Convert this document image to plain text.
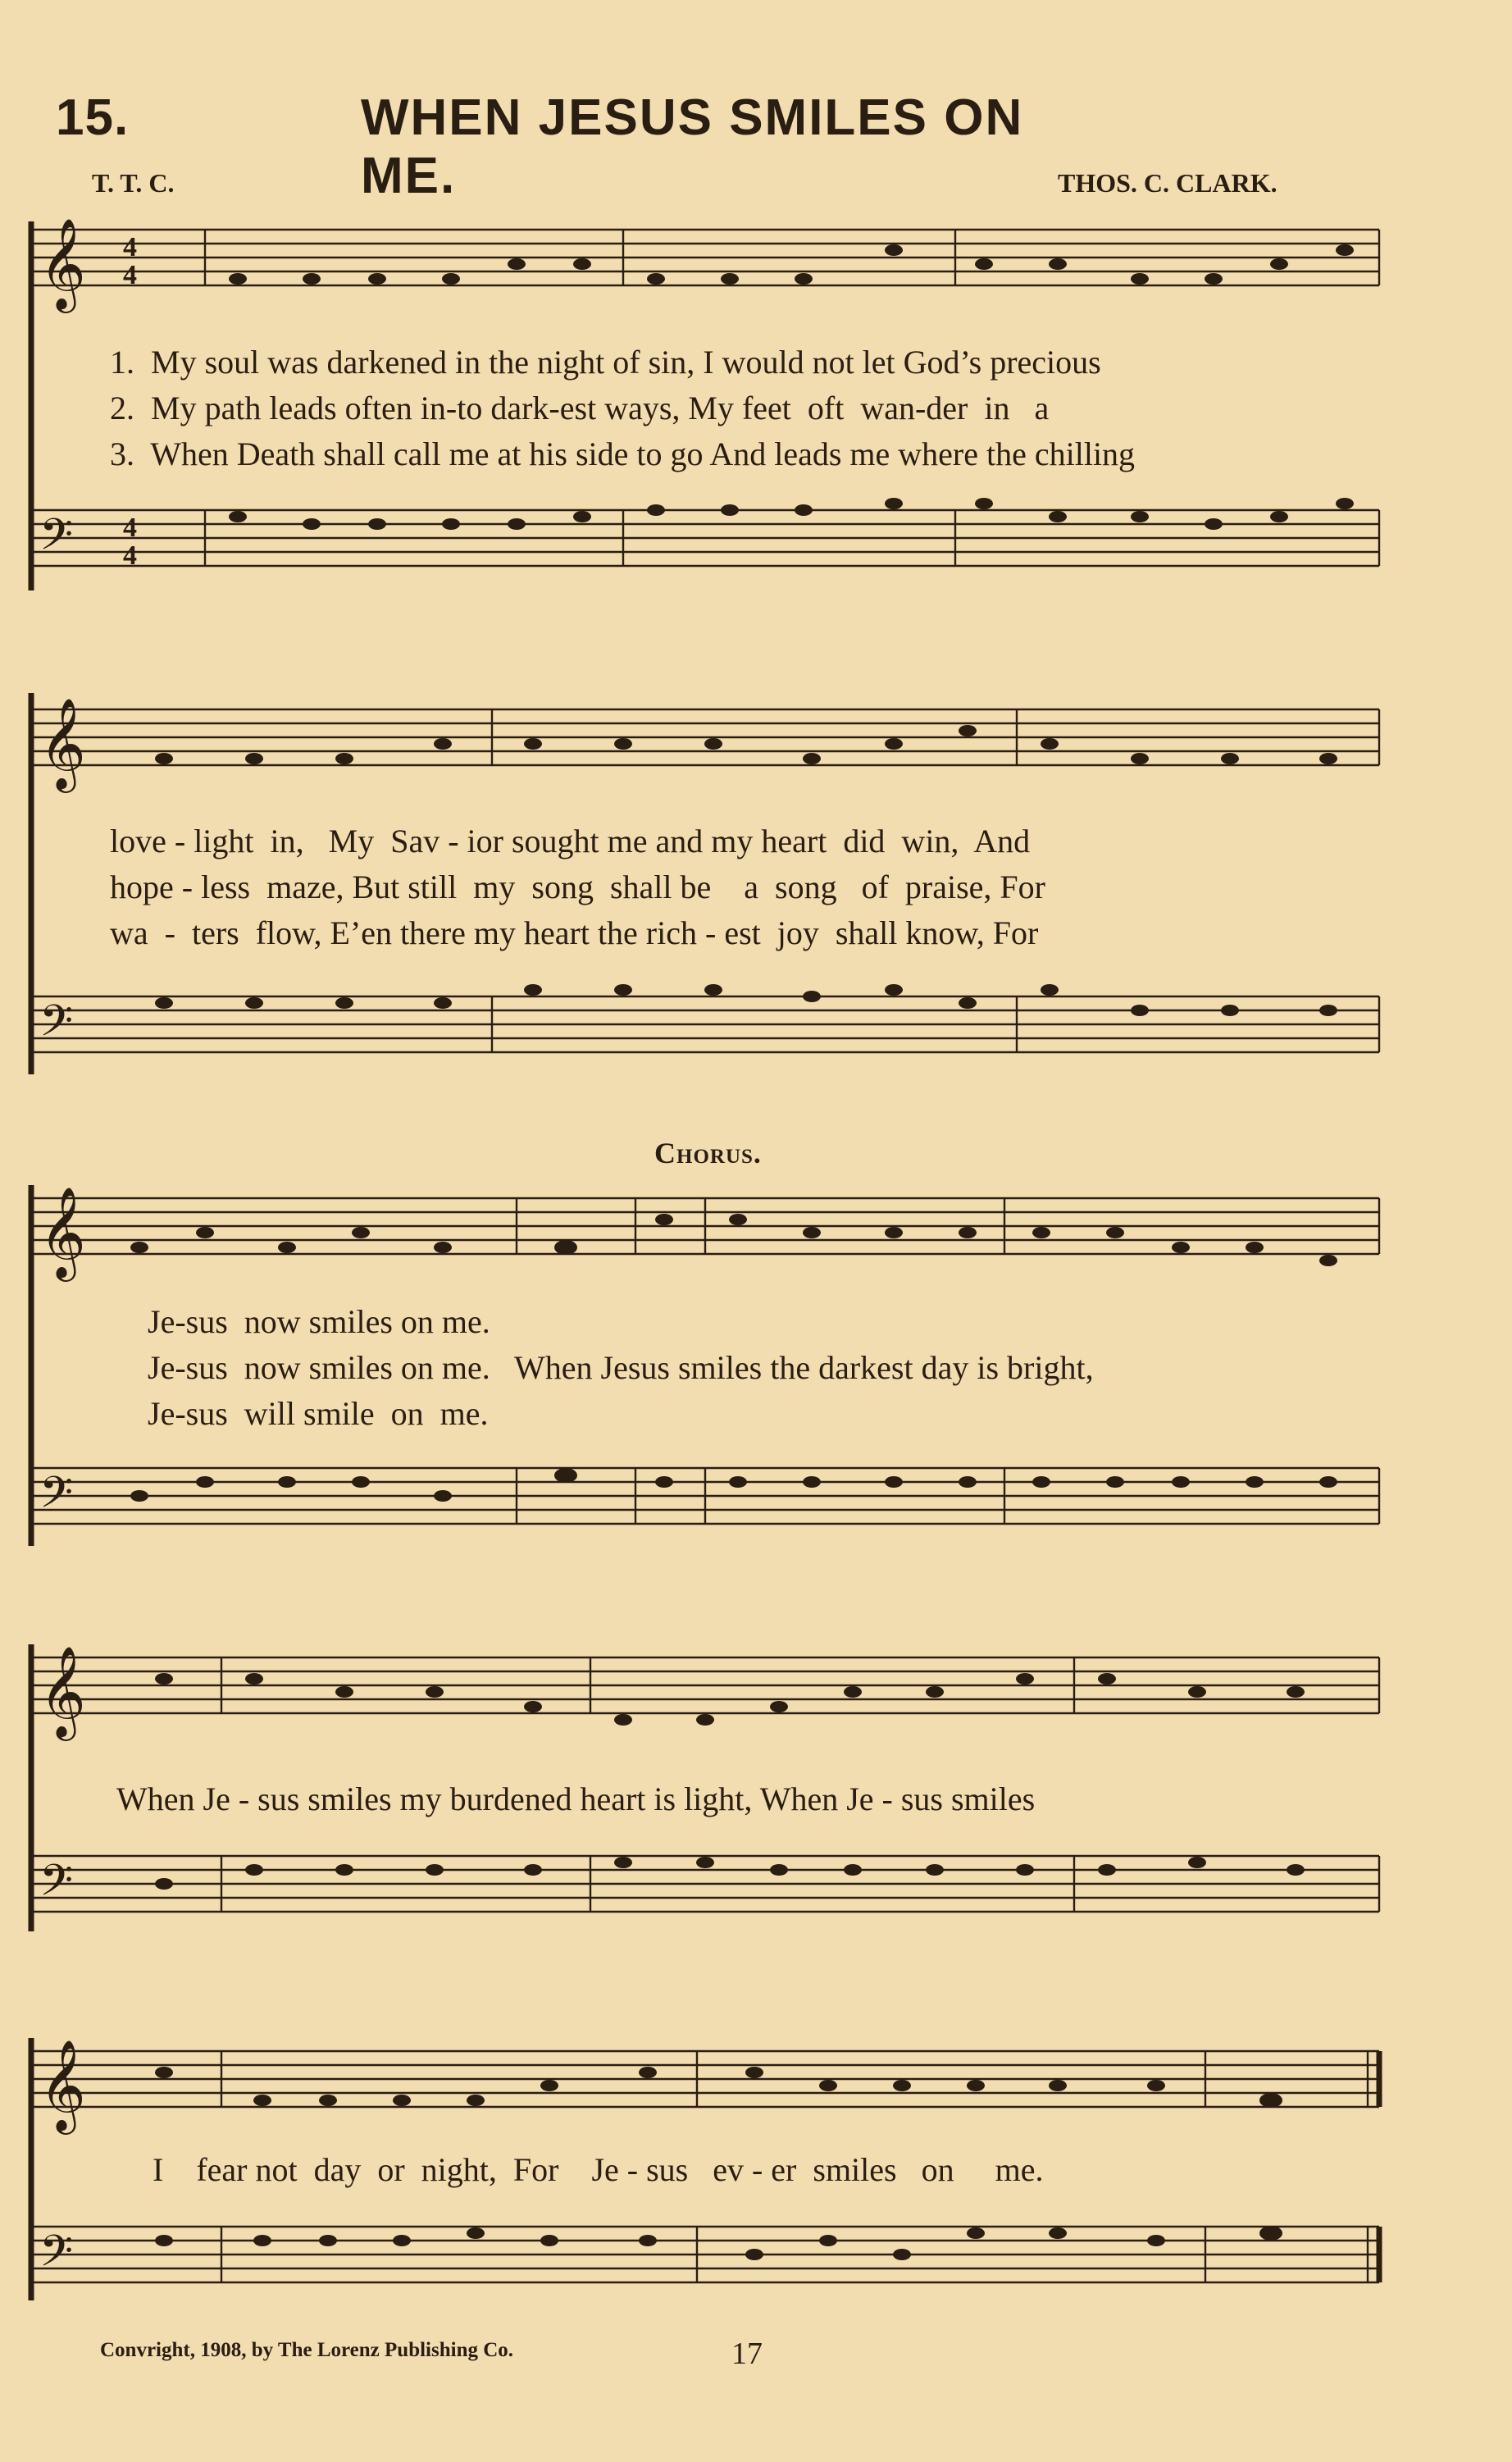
15.	WHEN JESUS SMILES ON ME.
T. T. C.	THOS. C. CLARK.
𝄞
𝄢
4
4
4
4
1.  My soul was darkened in the night of sin, I would not let God’s precious
2.  My path leads often in-to dark-est ways, My feet  oft  wan-der  in   a
3.  When Death shall call me at his side to go And leads me where the chilling
𝄞
𝄢
love - light  in,   My  Sav - ior sought me and my heart  did  win,  And
hope - less  maze, But still  my  song  shall be    a  song   of  praise, For
wa  -  ters  flow, E’en there my heart the rich - est  joy  shall know, For
Chorus.
𝄞
𝄢
Je-sus  now smiles on me.
Je-sus  now smiles on me.   When Jesus smiles the darkest day is bright,
Je-sus  will smile  on  me.
𝄞
𝄢
When Je - sus smiles my burdened heart is light, When Je - sus smiles
𝄞
𝄢
I    fear not  day  or  night,  For    Je - sus   ev - er  smiles   on     me.
Convright, 1908, by The Lorenz Publishing Co.	17
